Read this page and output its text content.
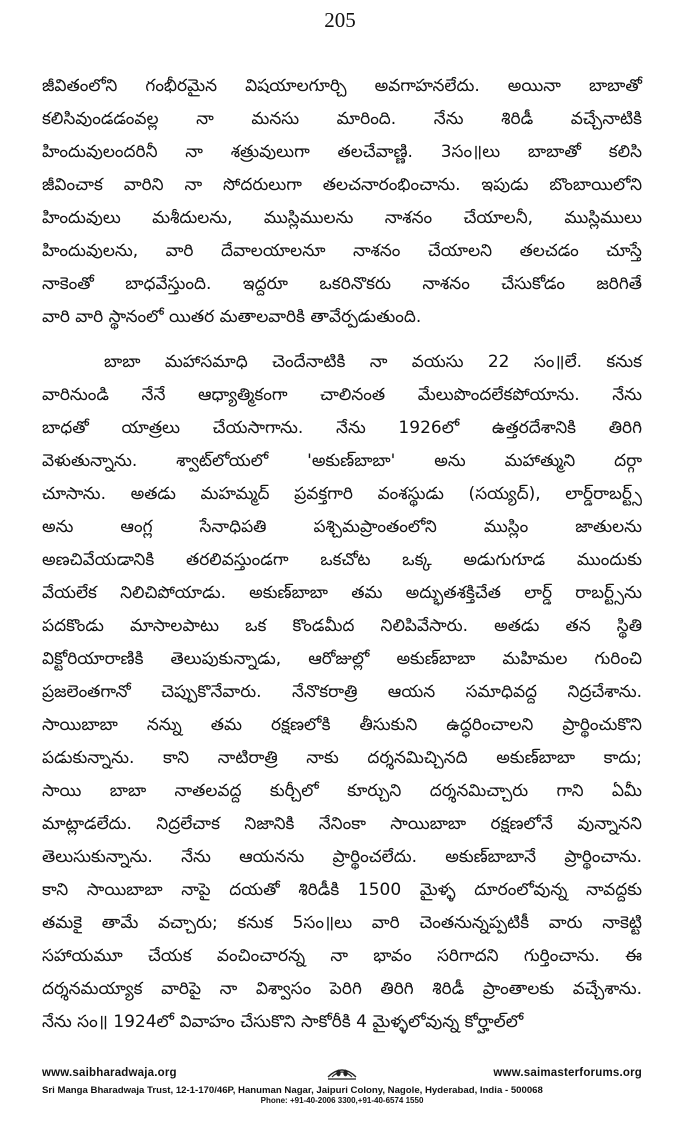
205

జీవితంలోని గంభీరమైన విషయాలగూర్చి అవగాహనలేదు. అయినా బాబాతో

కలిసివుండడంవల్ల నా మనసు మారింది. నేను శిరిడీ వచ్చేనాటికి

హిందువులందరినీ నా శత్రువులుగా తలచేవాణ్ణి. 3సం॥లు బాబాతో కలిసి

జీవించాక వారిని నా సోదరులుగా తలచనారంభించాను. ఇపుడు బొంబాయిలోని

హిందువులు మశీదులను, ముస్లిములను నాశనం చేయాలనీ, ముస్లిములు

హిందువులను, వారి దేవాలయాలనూ నాశనం చేయాలని తలచడం చూస్తే

నాకెంతో బాధవేస్తుంది. ఇద్దరూ ఒకరినొకరు నాశనం చేసుకోడం జరిగితే

వారి వారి స్థానంలో యితర మతాలవారికి తావేర్పడుతుంది.

బాబా మహాసమాధి చెందేనాటికి నా వయసు 22 సం॥లే. కనుక

వారినుండి నేనే ఆధ్యాత్మికంగా చాలినంత మేలుపొందలేకపోయాను. నేను

బాధతో యాత్రలు చేయసాగాను. నేను 1926లో ఉత్తరదేశానికి తిరిగి

వెళుతున్నాను. శ్వాట్‌లోయలో 'అకుణ్‌బాబా' అను మహాత్ముని దర్గా

చూసాను. అతడు మహమ్మద్ ప్రవక్తగారి వంశస్థుడు (సయ్యద్), లార్డ్‌రాబర్ట్స్

అను ఆంగ్ల సేనాధిపతి పశ్చిమప్రాంతంలోని ముస్లిం జాతులను

అణచివేయడానికి తరలివస్తుండగా ఒకచోట ఒక్క అడుగుగూడ ముందుకు

వేయలేక నిలిచిపోయాడు. అకుణ్‌బాబా తమ అద్భుతశక్తిచేత లార్డ్ రాబర్ట్స్‌ను

పదకొండు మాసాలపాటు ఒక కొండమీద నిలిపివేసారు. అతడు తన స్థితి

విక్టోరియారాణికి తెలుపుకున్నాడు, ఆరోజుల్లో అకుణ్‌బాబా మహిమల గురించి

ప్రజలెంతగానో చెప్పుకొనేవారు. నేనొకరాత్రి ఆయన సమాధివద్ద నిద్రచేశాను.

సాయిబాబా నన్ను తమ రక్షణలోకి తీసుకుని ఉద్ధరించాలని ప్రార్థించుకొని

పడుకున్నాను. కాని నాటిరాత్రి నాకు దర్శనమిచ్చినది అకుణ్‌బాబా కాదు;

సాయి బాబా నాతలవద్ద కుర్చీలో కూర్చుని దర్శనమిచ్చారు గాని ఏమీ

మాట్లాడలేదు. నిద్రలేచాక నిజానికి నేనింకా సాయిబాబా రక్షణలోనే వున్నానని

తెలుసుకున్నాను. నేను ఆయనను ప్రార్థించలేదు. అకుణ్‌బాబానే ప్రార్థించాను.

కాని సాయిబాబా నాపై దయతో శిరిడీకి 1500 మైళ్ళ దూరంలోవున్న నావద్దకు

తమకై తామే వచ్చారు; కనుక 5సం॥లు వారి చెంతనున్నప్పటికీ వారు నాకెట్టి

సహాయమూ చేయక వంచించారన్న నా భావం సరిగాదని గుర్తించాను. ఈ

దర్శనమయ్యాక వారిపై నా విశ్వాసం పెరిగి తిరిగి శిరిడీ ప్రాంతాలకు వచ్చేశాను.

నేను సం॥ 1924లో వివాహం చేసుకొని సాకోరీకి 4 మైళ్ళలోవున్న కోర్హాల్‌లో

www.saibharadwaja.org	www.saimasterforums.org
Sri Manga Bharadwaja Trust, 12-1-170/46P, Hanuman Nagar, Jaipuri Colony, Nagole, Hyderabad, India - 500068
Phone: +91-40-2006 3300,+91-40-6574 1550
